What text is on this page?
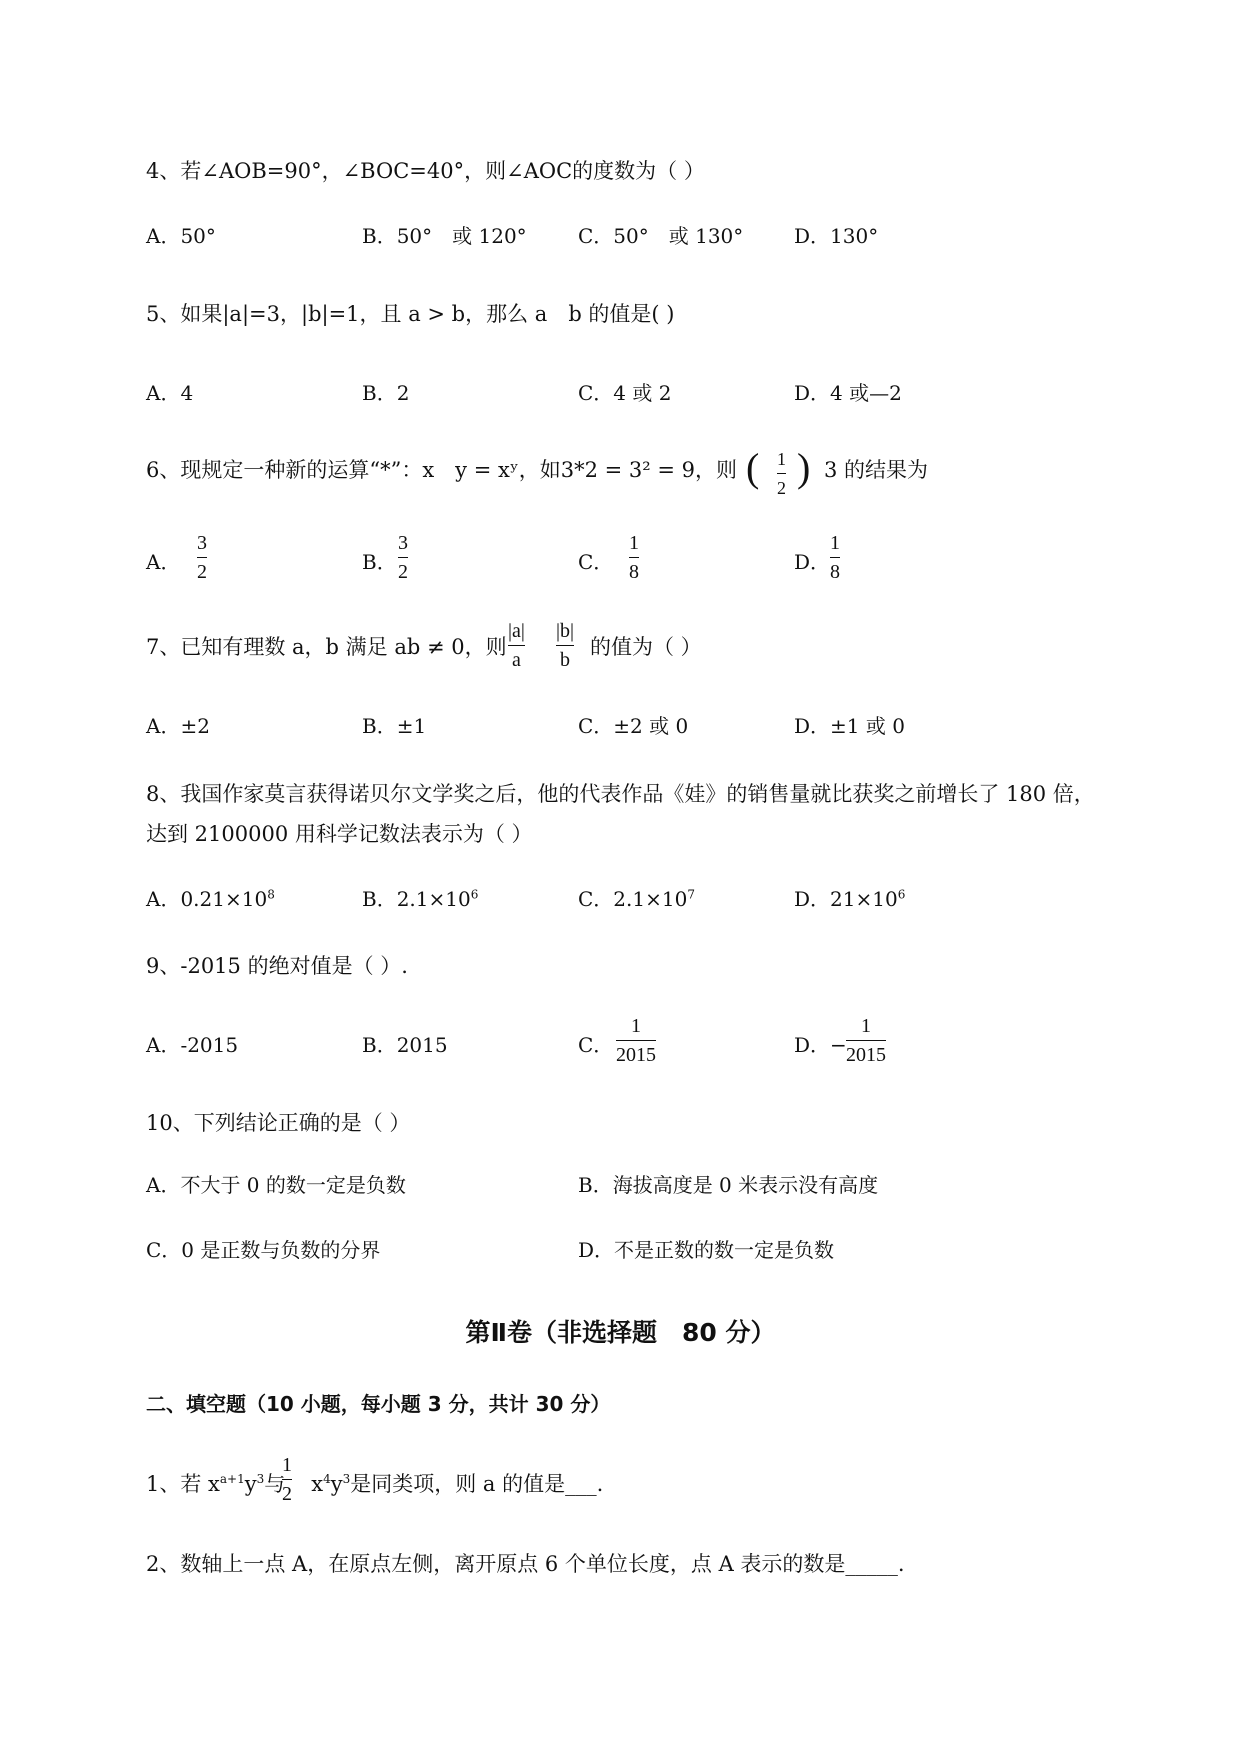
4、若∠AOB=90°，∠BOC=40°，则∠AOC的度数为（ ）
A．50°	B．50°　或 120°	C．50°　或 130°	D．130°
5、如果|a|=3，|b|=1，且 a > b，那么 a　b 的值是( )
A．4	B．2	C．4 或 2	D．4 或—2
6、现规定一种新的运算“*”：x　y = xʸ，如3*2 = 3² = 9，则 ( 1
2 ) 3 的结果为
A．
3
2	B．
3
2	C．
1
8	D．
1
8
7、已知有理数 a，b 满足 ab ≠ 0，则
|a|
a
|b|
b
的值为（ ）
A．±2	B．±1	C．±2 或 0	D．±1 或 0
8、我国作家莫言获得诺贝尔文学奖之后，他的代表作品《娃》的销售量就比获奖之前增长了 180 倍，
达到 2100000 用科学记数法表示为（ ）
A．$0.21\times 10^8$	B．$2.1\times 10^6$	C．$2.1\times 10^7$	D．$21\times 10^6$
9、-2015 的绝对值是（ ）.
A．-2015	B．2015	C．
1
2015	D．−
1
2015
10、下列结论正确的是（ ）
A．不大于 0 的数一定是负数	B．海拔高度是 0 米表示没有高度
C．0 是正数与负数的分界	D．不是正数的数一定是负数
第Ⅱ卷（非选择题　80 分）
二、填空题（10 小题，每小题 3 分，共计 30 分）
1、若 $x^{a+1}y^3$与 $x^4y^3$是同类项，则 a 的值是___.
1
2
2、数轴上一点 A，在原点左侧，离开原点 6 个单位长度，点 A 表示的数是_____.
